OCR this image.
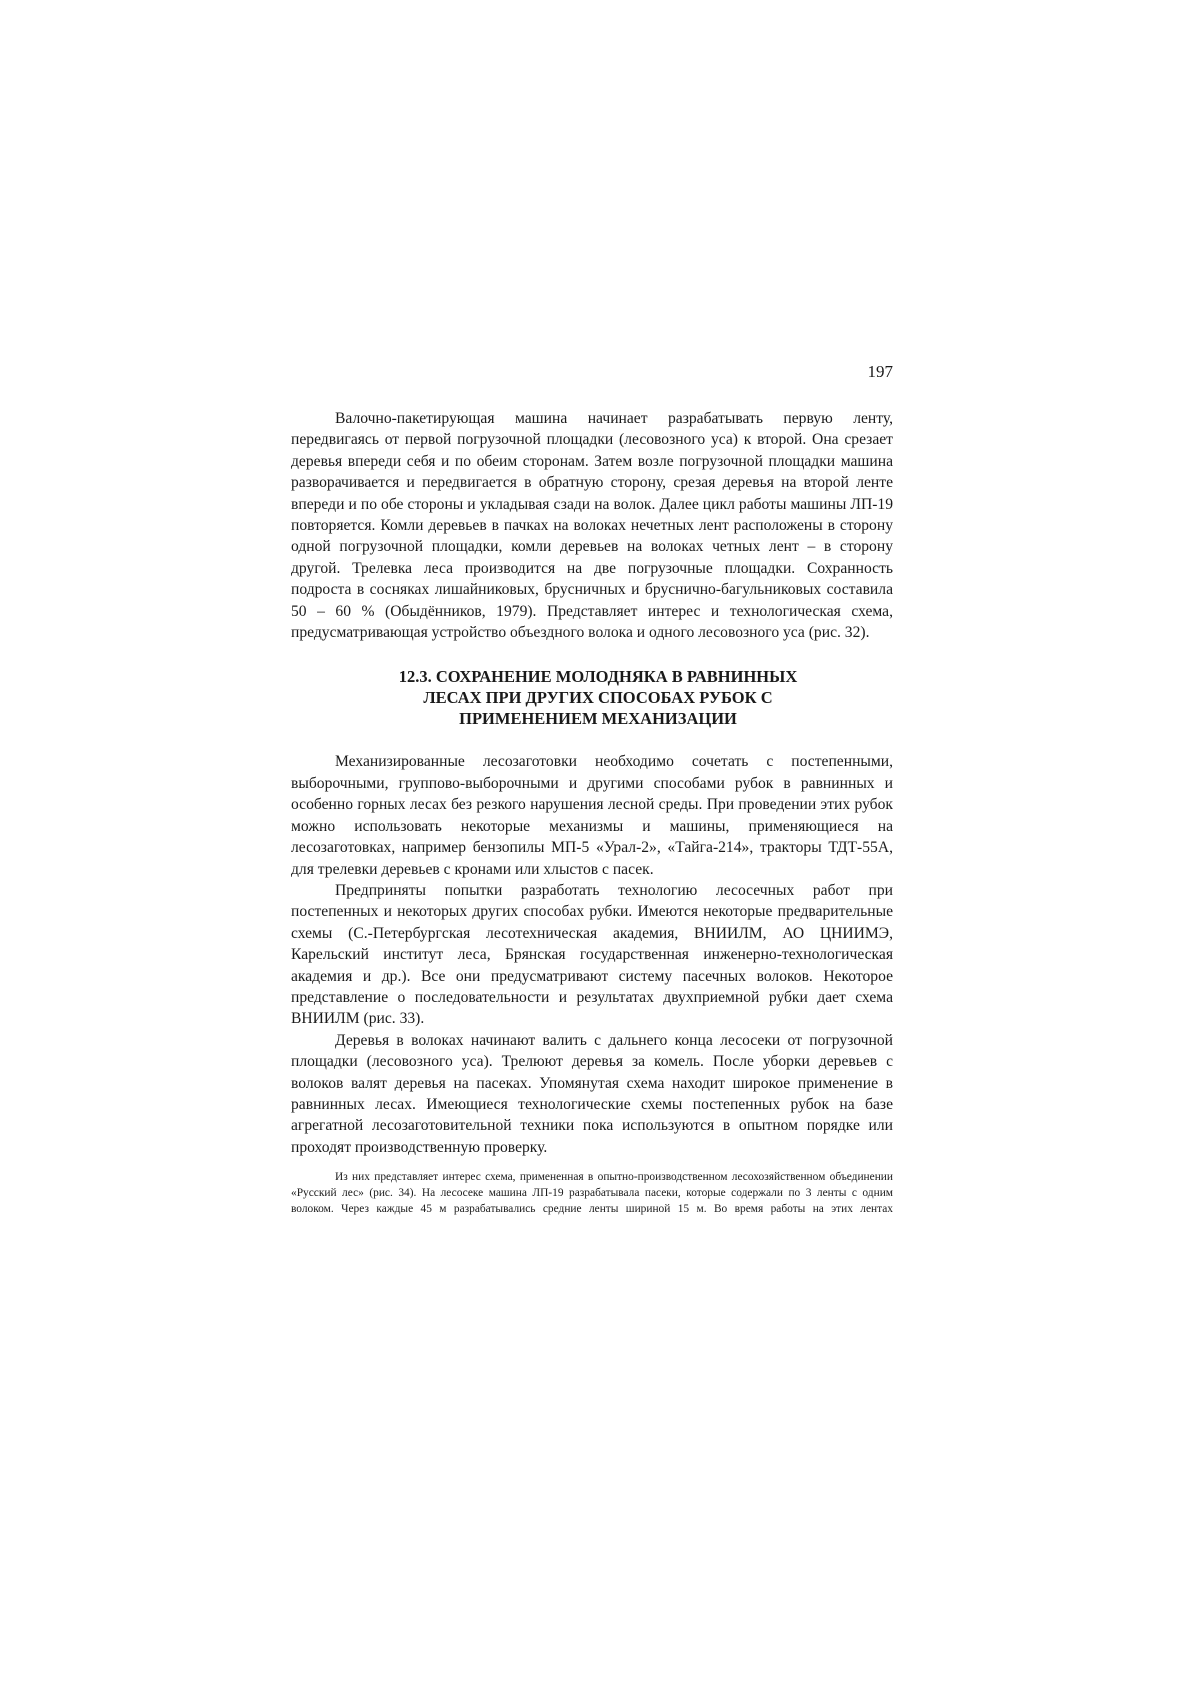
197

Валочно-пакетирующая машина начинает разрабатывать первую ленту, передвигаясь от первой погрузочной площадки (лесовозного уса) к второй. Она срезает деревья впереди себя и по обеим сторонам. Затем возле погрузочной площадки машина разворачивается и передвигается в обратную сторону, срезая деревья на второй ленте впереди и по обе стороны и укладывая сзади на волок. Далее цикл работы машины ЛП-19 повторяется. Комли деревьев в пачках на волоках нечетных лент расположены в сторону одной погрузочной площадки, комли деревьев на волоках четных лент – в сторону другой. Трелевка леса производится на две погрузочные площадки. Сохранность подроста в сосняках лишайниковых, брусничных и бруснично-багульниковых составила 50 – 60 % (Обыдёнников, 1979). Представляет интерес и технологическая схема, предусматривающая устройство объездного волока и одного лесовозного уса (рис. 32).

12.3. СОХРАНЕНИЕ МОЛОДНЯКА В РАВНИННЫХ
ЛЕСАХ ПРИ ДРУГИХ СПОСОБАХ РУБОК С
ПРИМЕНЕНИЕМ МЕХАНИЗАЦИИ

Механизированные лесозаготовки необходимо сочетать с постепенными, выборочными, группово-выборочными и другими способами рубок в равнинных и особенно горных лесах без резкого нарушения лесной среды. При проведении этих рубок можно использовать некоторые механизмы и машины, применяющиеся на лесозаготовках, например бензопилы МП-5 «Урал-2», «Тайга-214», тракторы ТДТ-55А, для трелевки деревьев с кронами или хлыстов с пасек.

Предприняты попытки разработать технологию лесосечных работ при постепенных и некоторых других способах рубки. Имеются некоторые предварительные схемы (С.-Петербургская лесотехническая академия, ВНИИЛМ, АО ЦНИИМЭ, Карельский институт леса, Брянская государственная инженерно-технологическая академия и др.). Все они предусматривают систему пасечных волоков. Некоторое представление о последовательности и результатах двухприемной рубки дает схема ВНИИЛМ (рис. 33).

Деревья в волоках начинают валить с дальнего конца лесосеки от погрузочной площадки (лесовозного уса). Трелюют деревья за комель. После уборки деревьев с волоков валят деревья на пасеках. Упомянутая схема находит широкое применение в равнинных лесах. Имеющиеся технологические схемы постепенных рубок на базе агрегатной лесозаготовительной техники пока используются в опытном порядке или проходят производственную проверку.

Из них представляет интерес схема, примененная в опытно-производственном лесохозяйственном объединении «Русский лес» (рис. 34). На лесосеке машина ЛП-19 разрабатывала пасеки, которые содержали по 3 ленты с одним волоком. Через каждые 45 м разрабатывались средние ленты шириной 15 м. Во время работы на этих лентах
